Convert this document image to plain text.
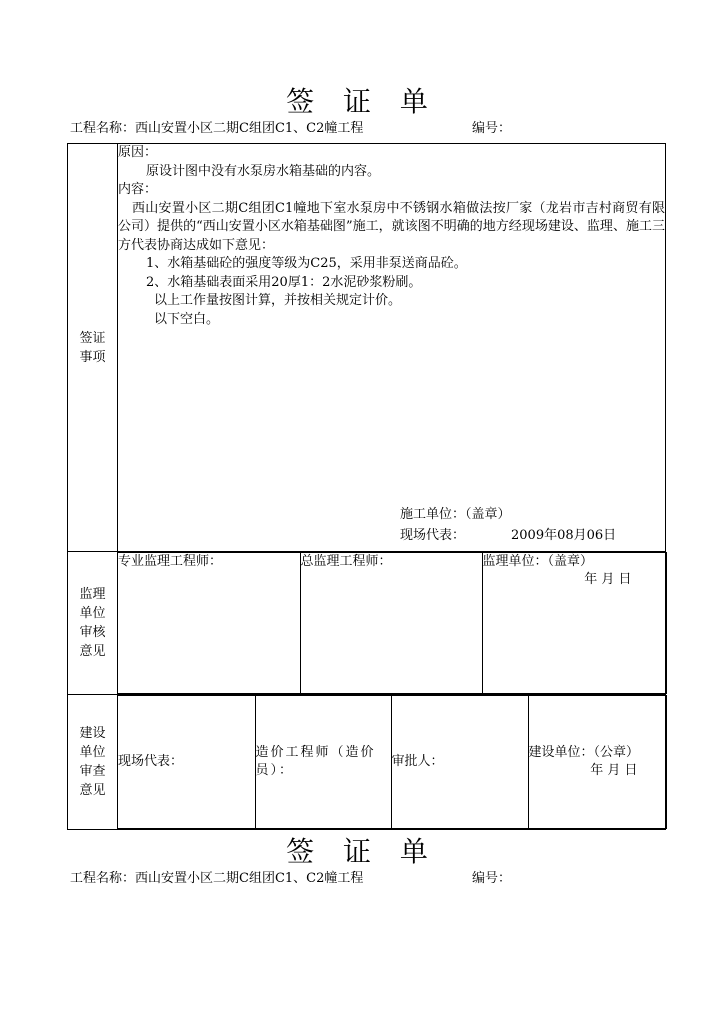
签 证 单
工程名称：西山安置小区二期C组团C1、C2幢工程	编号：
签证事项

原因：

原设计图中没有水泵房水箱基础的内容。

内容：

西山安置小区二期C组团C1幢地下室水泵房中不锈钢水箱做法按厂家（龙岩市吉村商贸有限公司）提供的“西山安置小区水箱基础图”施工，就该图不明确的地方经现场建设、监理、施工三方代表协商达成如下意见：

1、水箱基础砼的强度等级为C25，采用非泵送商品砼。

2、水箱基础表面采用20厚1：2水泥砂浆粉刷。

以上工作量按图计算，并按相关规定计价。

以下空白。

施工单位：（盖章）
现场代表：	2009年08月06日

监理单位审核意见

专业监理工程师：	总监理工程师：	监理单位：（盖章）
年 月 日

建设单位审查意见

现场代表：	造价工程师（造价员）：	审批人：	
建设单位：（公章）
年 月 日
签 证 单
工程名称：西山安置小区二期C组团C1、C2幢工程	编号：
